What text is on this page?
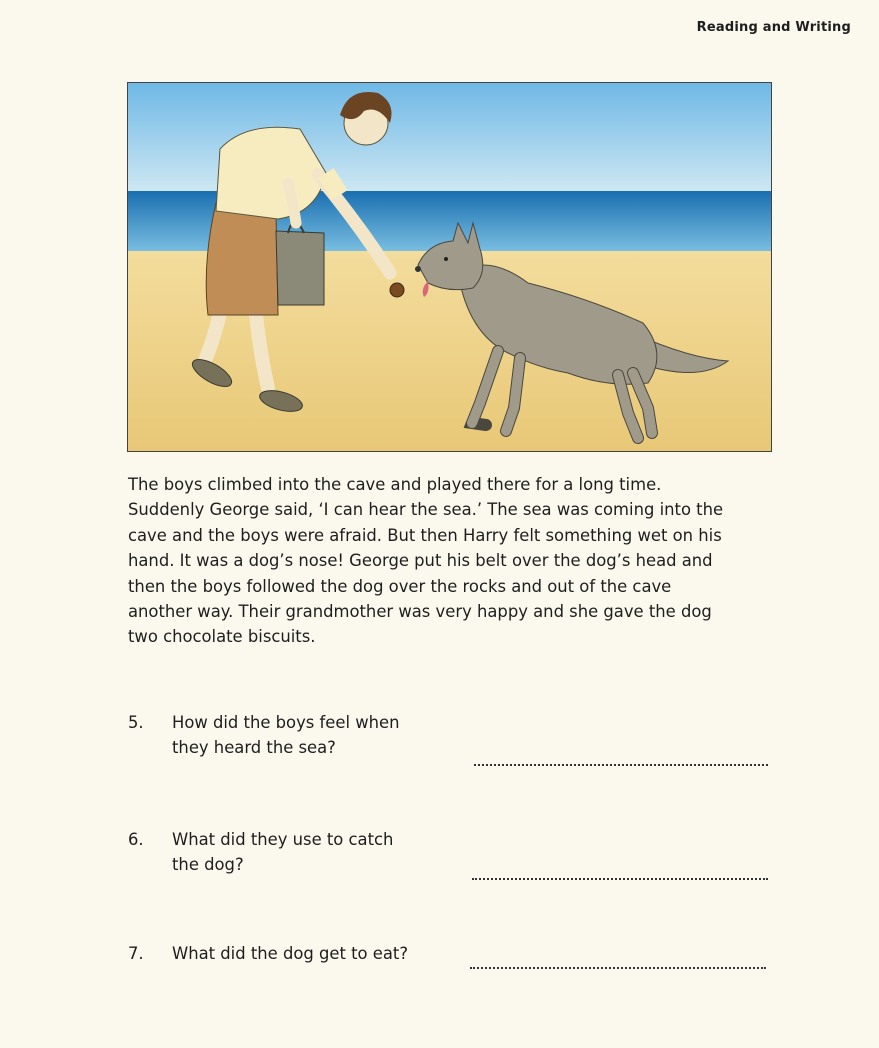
Reading and Writing
The boys climbed into the cave and played there for a long time.
Suddenly George said, ‘I can hear the sea.’ The sea was coming into the
cave and the boys were afraid. But then Harry felt something wet on his
hand. It was a dog’s nose! George put his belt over the dog’s head and
then the boys followed the dog over the rocks and out of the cave
another way. Their grandmother was very happy and she gave the dog
two chocolate biscuits.
5. How did the boys feel when
they heard the sea?
6. What did they use to catch
the dog?
7. What did the dog get to eat?
